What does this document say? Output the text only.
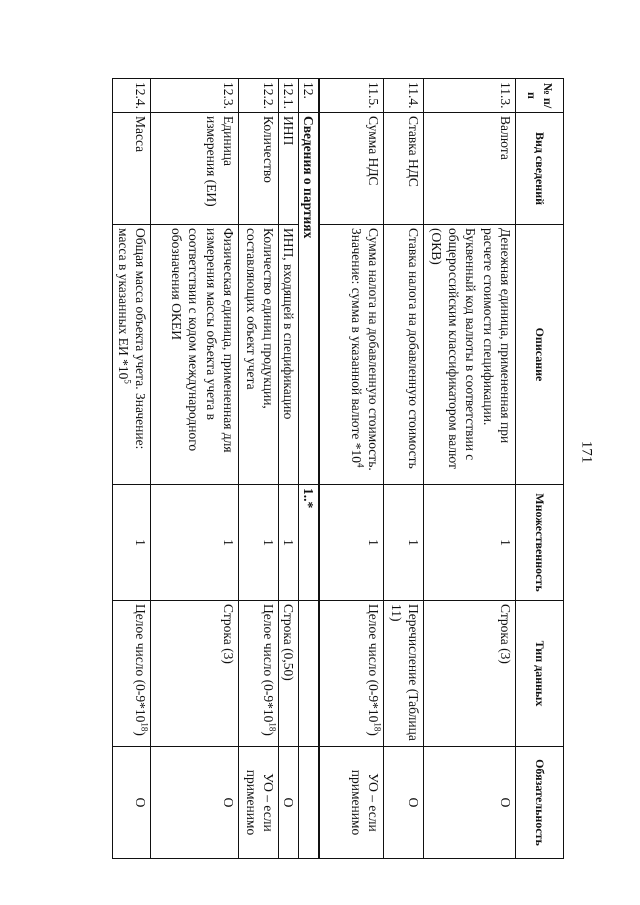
171
№ п/п	Вид сведений	Описание	Множественность	Тип данных	Обязательность
11.3.	Валюта	Денежная единица, примененная при расчете стоимости спецификации. Буквенный код валюты в соответствии с общероссийским классификатором валют (ОКВ)	1	Строка (3)	О
11.4.	Ставка НДС	Ставка налога на добавленную стоимость	1	Перечисление (Таблица 11)	О
11.5.	Сумма НДС	Сумма налога на добавленную стоимость. Значение: сумма в указанной валюте $*10^4$	1	Целое число $(0-9*10^{18})$	УО – если применимо
12.	Сведения о партиях		1..*		
12.1.	ИНП	ИНП, входящей в спецификацию	1	Строка (0,50)	О
12.2.	Количество	Количество единиц продукции, составляющих объект учета	1	Целое число $(0-9*10^{18})$	УО – если применимо
12.3.	Единица измерения (ЕИ)	Физическая единица, примененная для измерения массы объекта учета в соответствии с кодом международного обозначения ОКЕИ	1	Строка (3)	О
12.4.	Масса	Общая масса объекта учета. Значение: масса в указанных ЕИ $*10^5$	1	Целое число $(0-9*10^{18})$	О
